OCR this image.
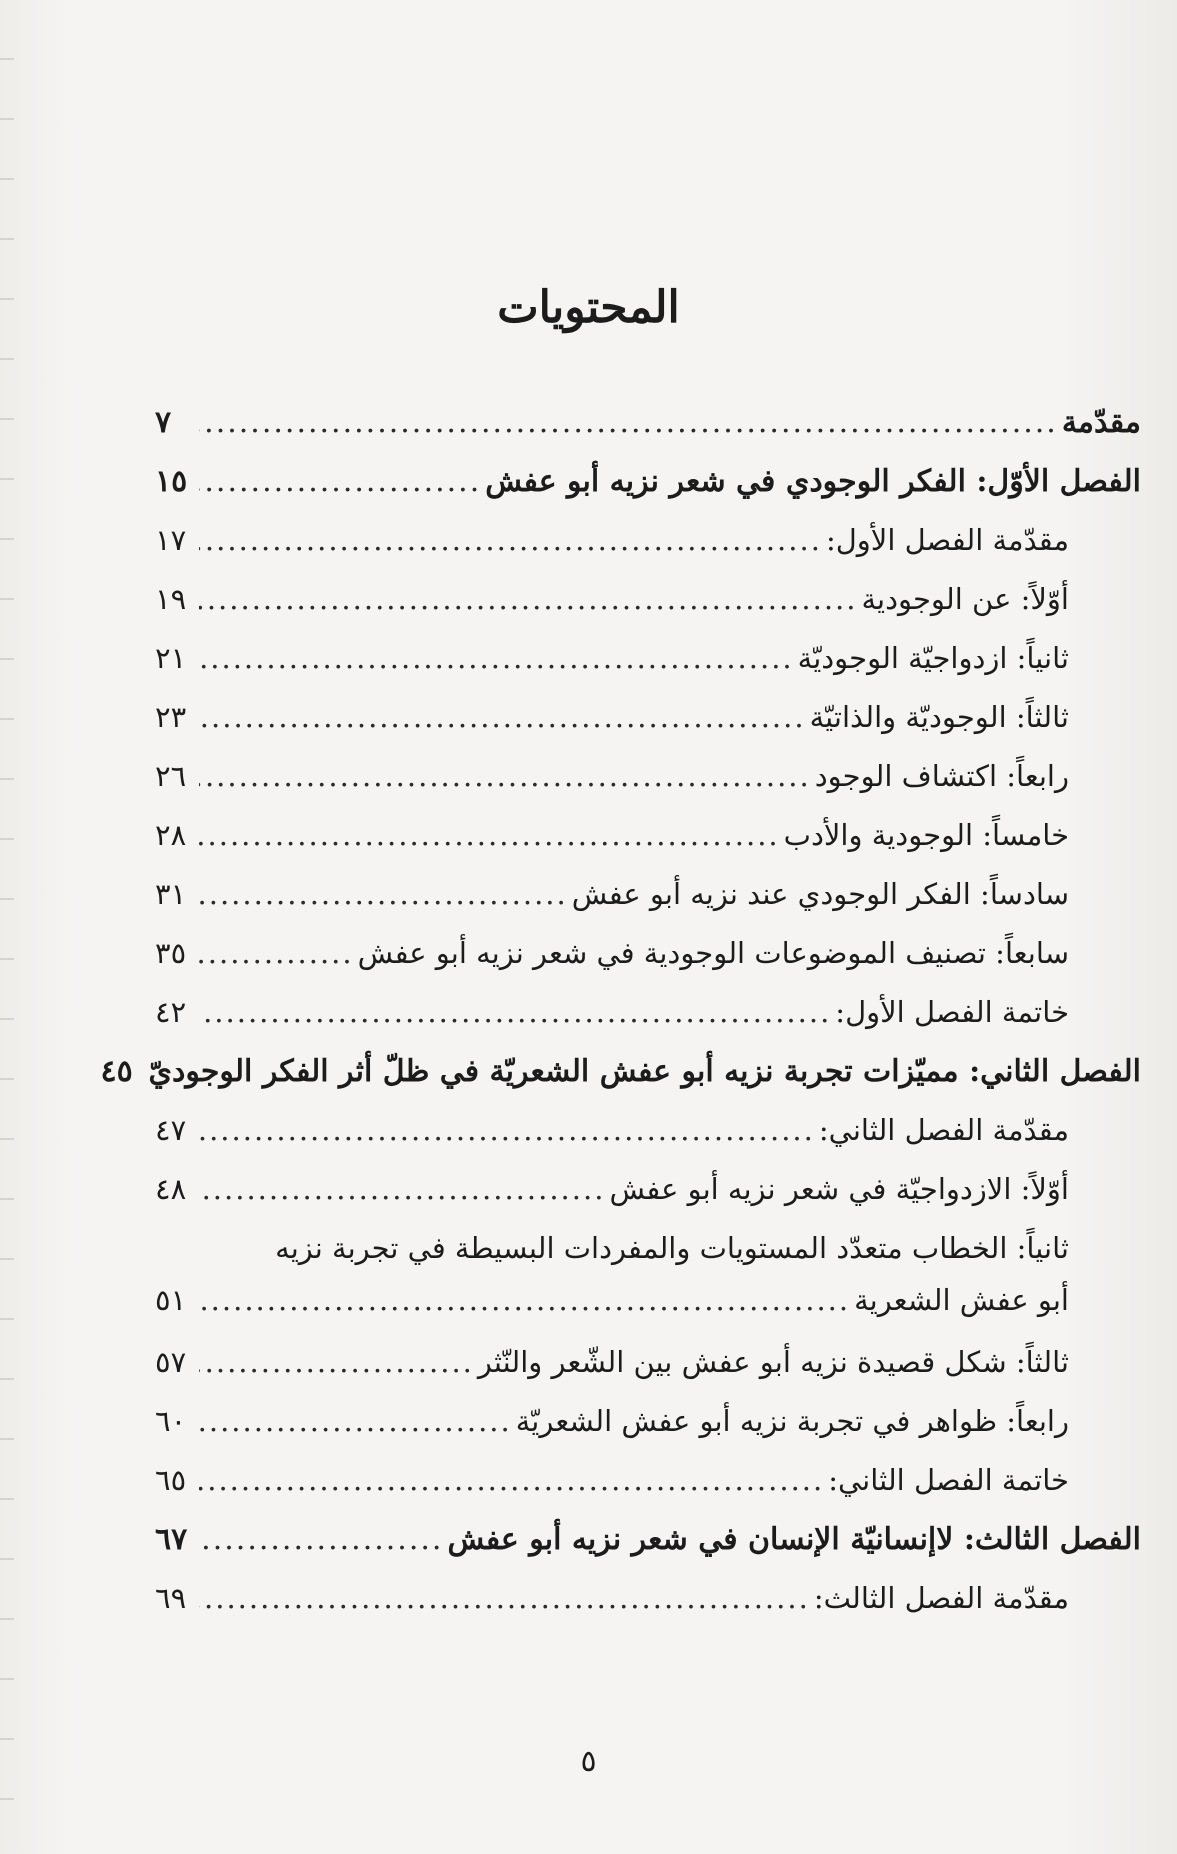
المحتويات
مقدّمة
.....
٧
الفصل الأوّل: الفكر الوجودي في شعر نزيه أبو عفش
.....
١٥
مقدّمة الفصل الأول:
.....
١٧
أوّلاً: عن الوجودية
.....
١٩
ثانياً: ازدواجيّة الوجوديّة
.....
٢١
ثالثاً: الوجوديّة والذاتيّة
.....
٢٣
رابعاً: اكتشاف الوجود
.....
٢٦
خامساً: الوجودية والأدب
.....
٢٨
سادساً: الفكر الوجودي عند نزيه أبو عفش
.....
٣١
سابعاً: تصنيف الموضوعات الوجودية في شعر نزيه أبو عفش
.....
٣٥
خاتمة الفصل الأول:
.....
٤٢
الفصل الثاني: مميّزات تجربة نزيه أبو عفش الشعريّة في ظلّ أثر الفكر الوجوديّ
٤٥
مقدّمة الفصل الثاني:
.....
٤٧
أوّلاً: الازدواجيّة في شعر نزيه أبو عفش
.....
٤٨
ثانياً: الخطاب متعدّد المستويات والمفردات البسيطة في تجربة نزيه
أبو عفش الشعرية
.....
٥١
ثالثاً: شكل قصيدة نزيه أبو عفش بين الشّعر والنّثر
.....
٥٧
رابعاً: ظواهر في تجربة نزيه أبو عفش الشعريّة
.....
٦٠
خاتمة الفصل الثاني:
.....
٦٥
الفصل الثالث: لاإنسانيّة الإنسان في شعر نزيه أبو عفش
.....
٦٧
مقدّمة الفصل الثالث:
.....
٦٩
٥
